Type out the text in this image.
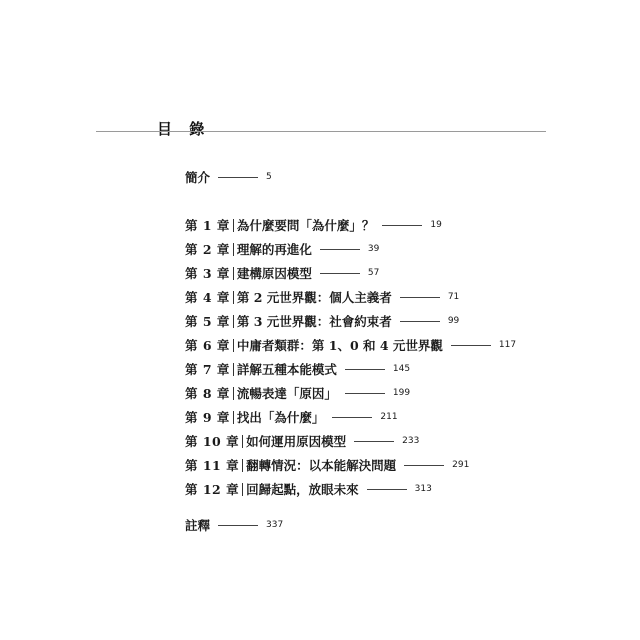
目 錄
簡介	5
第 1 章 為什麼要問「為什麼」？	19
第 2 章 理解的再進化	39
第 3 章 建構原因模型	57
第 4 章 第 2 元世界觀：個人主義者	71
第 5 章 第 3 元世界觀：社會約束者	99
第 6 章 中庸者類群：第 1、0 和 4 元世界觀	117
第 7 章 詳解五種本能模式	145
第 8 章 流暢表達「原因」	199
第 9 章 找出「為什麼」	211
第 10 章 如何運用原因模型	233
第 11 章 翻轉情況：以本能解決問題	291
第 12 章 回歸起點，放眼未來	313
註釋	337
